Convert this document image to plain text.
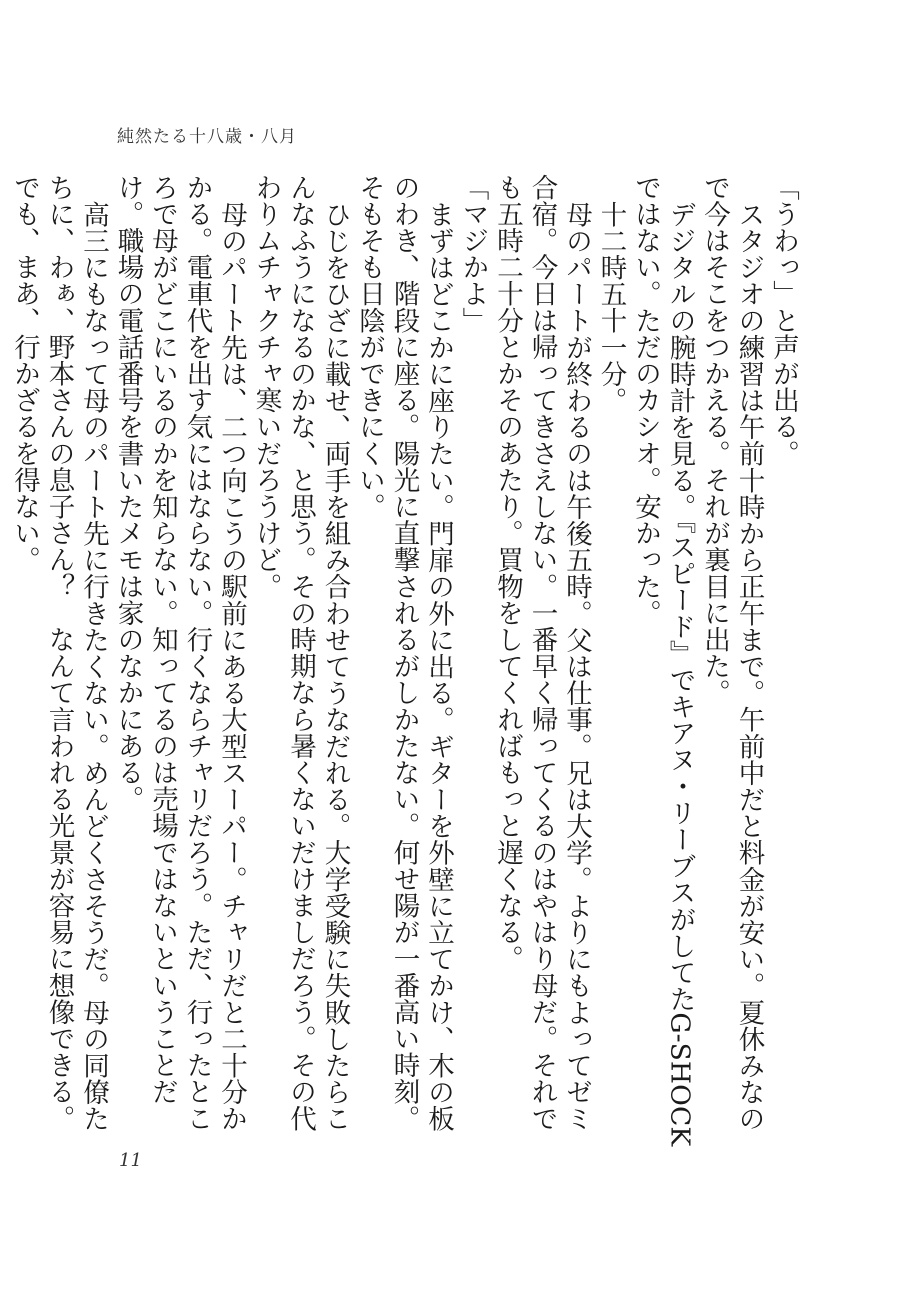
純然たる十八歳・八月

「うわっ」と声が出る。

スタジオの練習は午前十時から正午まで。午前中だと料金が安い。夏休みなので今はそこをつかえる。それが裏目に出た。

デジタルの腕時計を見る。『スピード』でキアヌ・リーブスがしてたG‐SHOCKではない。ただのカシオ。安かった。

十二時五十一分。

母のパートが終わるのは午後五時。父は仕事。兄は大学。よりにもよってゼミ合宿。今日は帰ってきさえしない。一番早く帰ってくるのはやはり母だ。それでも五時二十分とかそのあたり。買物をしてくればもっと遅くなる。

「マジかよ」

まずはどこかに座りたい。門扉の外に出る。ギターを外壁に立てかけ、木の板のわき、階段に座る。陽光に直撃されるがしかたない。何せ陽が一番高い時刻。そもそも日陰ができにくい。

ひじをひざに載せ、両手を組み合わせてうなだれる。大学受験に失敗したらこんなふうになるのかな、と思う。その時期なら暑くないだけましだろう。その代わりムチャクチャ寒いだろうけど。

母のパート先は、二つ向こうの駅前にある大型スーパー。チャリだと二十分かかる。電車代を出す気にはならない。行くならチャリだろう。ただ、行ったところで母がどこにいるのかを知らない。知ってるのは売場ではないということだけ。職場の電話番号を書いたメモは家のなかにある。

高三にもなって母のパート先に行きたくない。めんどくさそうだ。母の同僚たちに、わぁ、野本さんの息子さん？　なんて言われる光景が容易に想像できる。でも、まあ、行かざるを得ない。

11
